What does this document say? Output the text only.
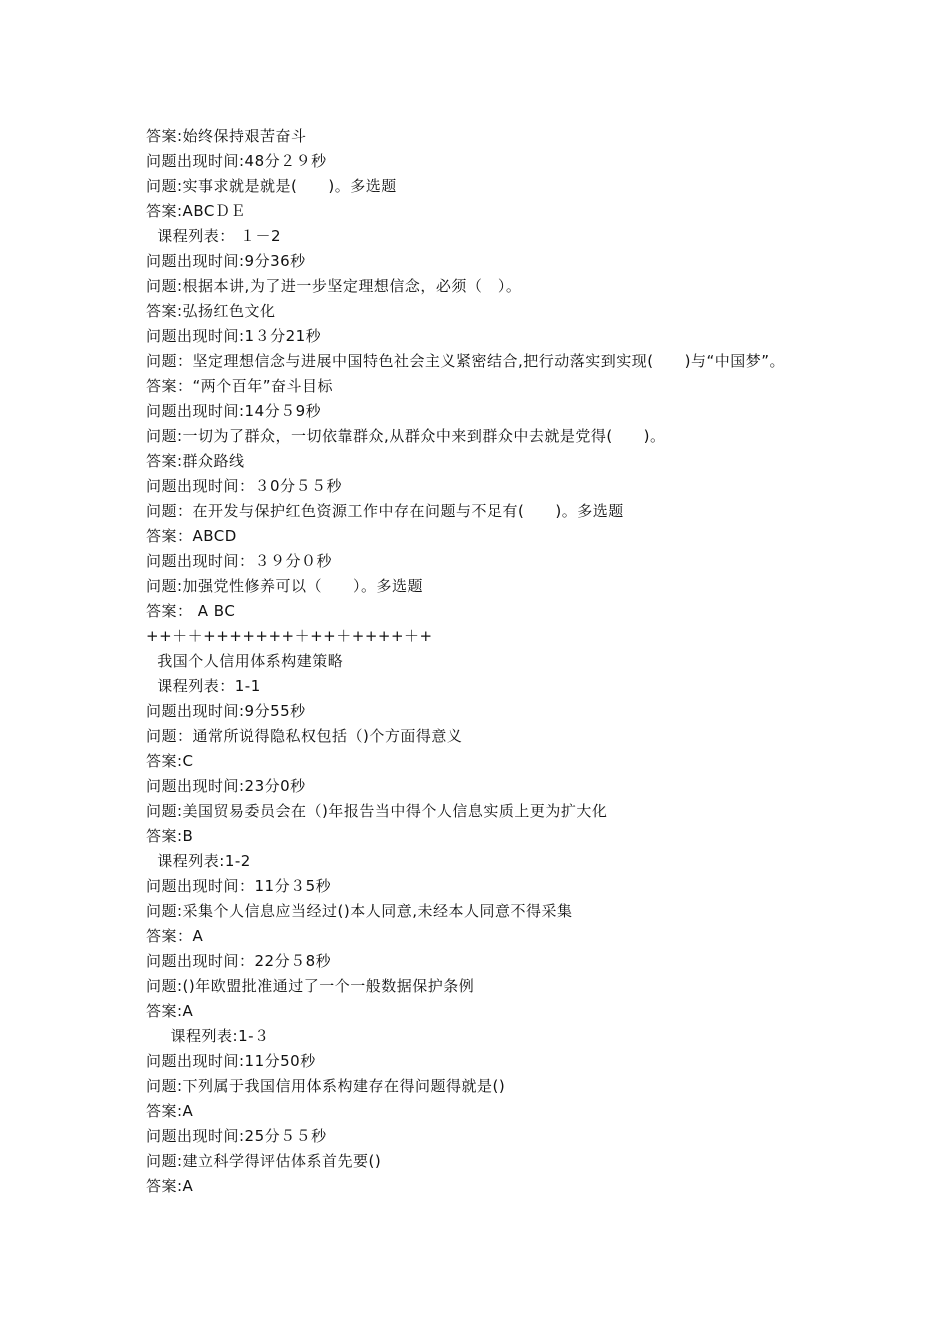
答案:始终保持艰苦奋斗
问题出现时间:48分２９秒
问题:实事求就是就是(　　)。多选题
答案:ABCＤＥ
课程列表： １－2
问题出现时间:9分36秒
问题:根据本讲,为了进一步坚定理想信念，必须（　）。
答案:弘扬红色文化
问题出现时间:1３分21秒
问题：坚定理想信念与进展中国特色社会主义紧密结合,把行动落实到实现(　　)与“中国梦”。
答案：“两个百年”奋斗目标
问题出现时间:14分５9秒
问题:一切为了群众，一切依靠群众,从群众中来到群众中去就是党得(　　)。
答案:群众路线
问题出现时间：３0分５５秒
问题：在开发与保护红色资源工作中存在问题与不足有(　　)。多选题
答案：ABCD
问题出现时间：３９分０秒
问题:加强党性修养可以（　　）。多选题
答案： A BC
++＋＋+++++++＋++＋++++＋+
我国个人信用体系构建策略
课程列表：1-1
问题出现时间:9分55秒
问题：通常所说得隐私权包括（)个方面得意义
答案:C
问题出现时间:23分0秒
问题:美国贸易委员会在（)年报告当中得个人信息实质上更为扩大化
答案:B
课程列表:1-2
问题出现时间：11分３5秒
问题:采集个人信息应当经过()本人同意,未经本人同意不得采集
答案：A
问题出现时间：22分５8秒
问题:()年欧盟批准通过了一个一般数据保护条例
答案:A
课程列表:1-３
问题出现时间:11分50秒
问题:下列属于我国信用体系构建存在得问题得就是()
答案:A
问题出现时间:25分５５秒
问题:建立科学得评估体系首先要()
答案:A
